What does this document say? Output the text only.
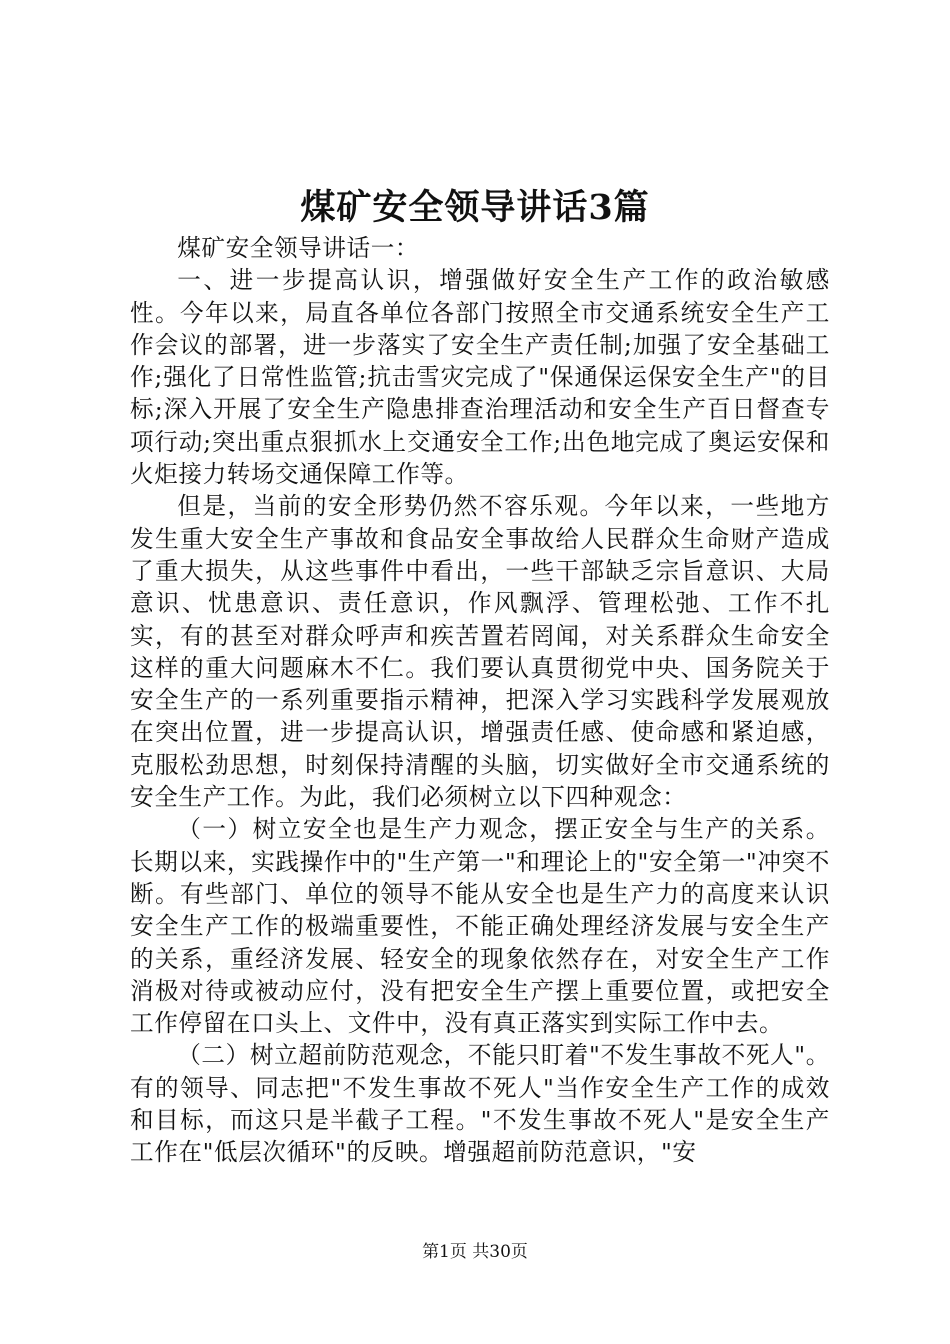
煤矿安全领导讲话3篇

煤矿安全领导讲话一：

一、进一步提高认识，增强做好安全生产工作的政治敏感性。今年以来，局直各单位各部门按照全市交通系统安全生产工作会议的部署，进一步落实了安全生产责任制;加强了安全基础工作;强化了日常性监管;抗击雪灾完成了"保通保运保安全生产"的目标;深入开展了安全生产隐患排查治理活动和安全生产百日督查专项行动;突出重点狠抓水上交通安全工作;出色地完成了奥运安保和火炬接力转场交通保障工作等。

但是，当前的安全形势仍然不容乐观。今年以来，一些地方发生重大安全生产事故和食品安全事故给人民群众生命财产造成了重大损失，从这些事件中看出，一些干部缺乏宗旨意识、大局意识、忧患意识、责任意识，作风飘浮、管理松弛、工作不扎实，有的甚至对群众呼声和疾苦置若罔闻，对关系群众生命安全这样的重大问题麻木不仁。我们要认真贯彻党中央、国务院关于安全生产的一系列重要指示精神，把深入学习实践科学发展观放在突出位置，进一步提高认识，增强责任感、使命感和紧迫感，克服松劲思想，时刻保持清醒的头脑，切实做好全市交通系统的安全生产工作。为此，我们必须树立以下四种观念：

（一）树立安全也是生产力观念，摆正安全与生产的关系。长期以来，实践操作中的"生产第一"和理论上的"安全第一"冲突不断。有些部门、单位的领导不能从安全也是生产力的高度来认识安全生产工作的极端重要性，不能正确处理经济发展与安全生产的关系，重经济发展、轻安全的现象依然存在，对安全生产工作消极对待或被动应付，没有把安全生产摆上重要位置，或把安全工作停留在口头上、文件中，没有真正落实到实际工作中去。

（二）树立超前防范观念，不能只盯着"不发生事故不死人"。有的领导、同志把"不发生事故不死人"当作安全生产工作的成效和目标，而这只是半截子工程。"不发生事故不死人"是安全生产工作在"低层次循环"的反映。增强超前防范意识，"安

第1页 共30页
